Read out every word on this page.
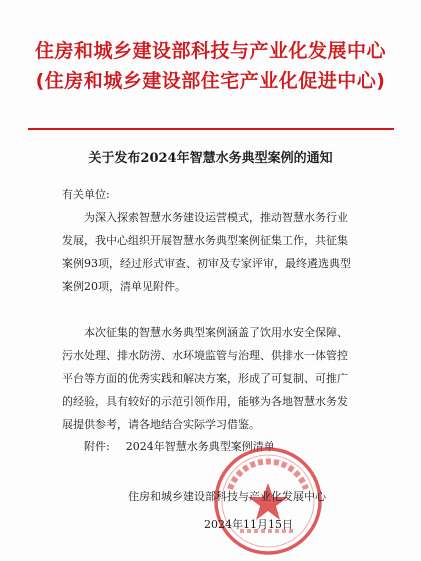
住房和城乡建设部科技与产业化发展中心
(住房和城乡建设部住宅产业化促进中心)
关于发布2024年智慧水务典型案例的通知
有关单位:
为深入探索智慧水务建设运营模式，推动智慧水务行业
发展，我中心组织开展智慧水务典型案例征集工作，共征集
案例93项，经过形式审查、初审及专家评审，最终遴选典型
案例20项，清单见附件。
本次征集的智慧水务典型案例涵盖了饮用水安全保障、
污水处理、排水防涝、水环境监管与治理、供排水一体管控
平台等方面的优秀实践和解决方案，形成了可复制、可推广
的经验，具有较好的示范引领作用，能够为各地智慧水务发
展提供参考，请各地结合实际学习借鉴。
附件: 2024年智慧水务典型案例清单
住房和城乡建设部科技与产业化发展中心
2024年11月15日
